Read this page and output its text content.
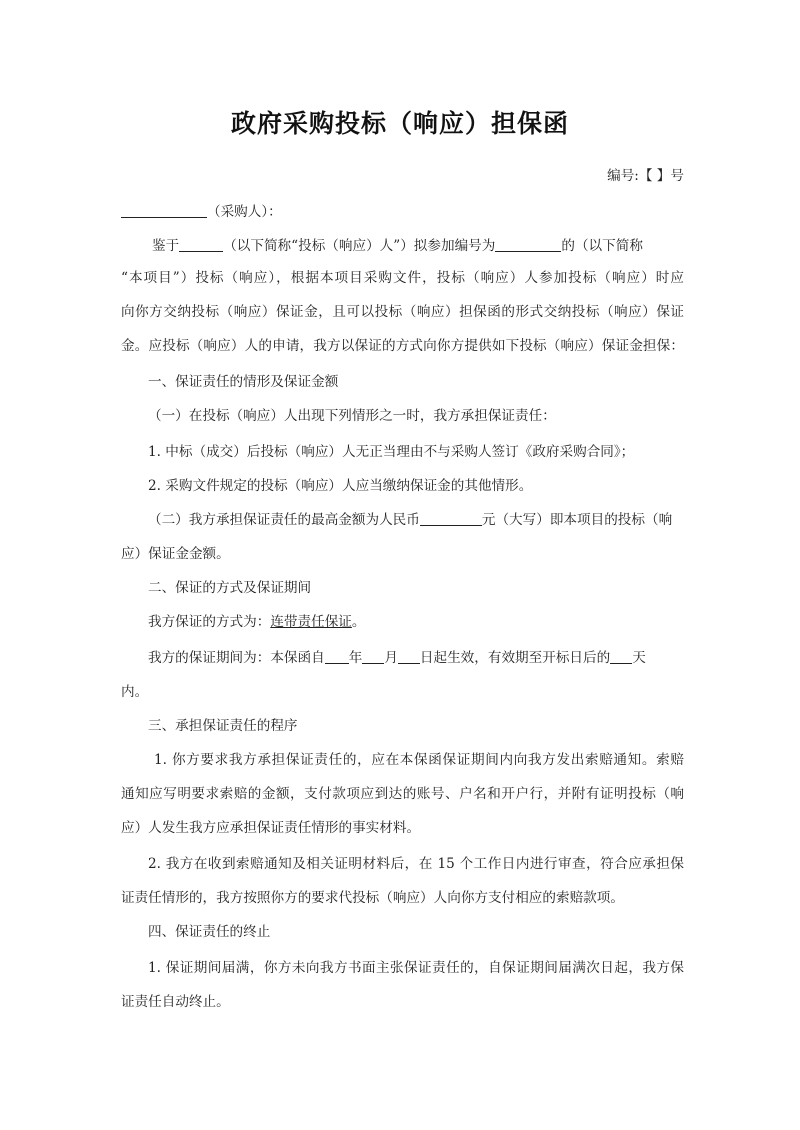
政府采购投标（响应）担保函
编号:【 】号
（采购人）：
鉴于	（以下简称“投标（响应）人”）拟参加编号为	的（以下简称
“本项目”）投标（响应），根据本项目采购文件，投标（响应）人参加投标（响应）时应
向你方交纳投标（响应）保证金，且可以投标（响应）担保函的形式交纳投标（响应）保证
金。应投标（响应）人的申请，我方以保证的方式向你方提供如下投标（响应）保证金担保：
一、保证责任的情形及保证金额
（一）在投标（响应）人出现下列情形之一时，我方承担保证责任：
1. 中标（成交）后投标（响应）人无正当理由不与采购人签订《政府采购合同》；
2. 采购文件规定的投标（响应）人应当缴纳保证金的其他情形。
（二）我方承担保证责任的最高金额为人民币	元（大写）即本项目的投标（响
应）保证金金额。
二、保证的方式及保证期间
我方保证的方式为：连带责任保证。
我方的保证期间为：本保函自 年 月 日起生效，有效期至开标日后的 天
内。
三、承担保证责任的程序
1. 你方要求我方承担保证责任的，应在本保函保证期间内向我方发出索赔通知。索赔
通知应写明要求索赔的金额，支付款项应到达的账号、户名和开户行，并附有证明投标（响
应）人发生我方应承担保证责任情形的事实材料。
2. 我方在收到索赔通知及相关证明材料后，在 15 个工作日内进行审查，符合应承担保
证责任情形的，我方按照你方的要求代投标（响应）人向你方支付相应的索赔款项。
四、保证责任的终止
1. 保证期间届满，你方未向我方书面主张保证责任的，自保证期间届满次日起，我方保
证责任自动终止。
